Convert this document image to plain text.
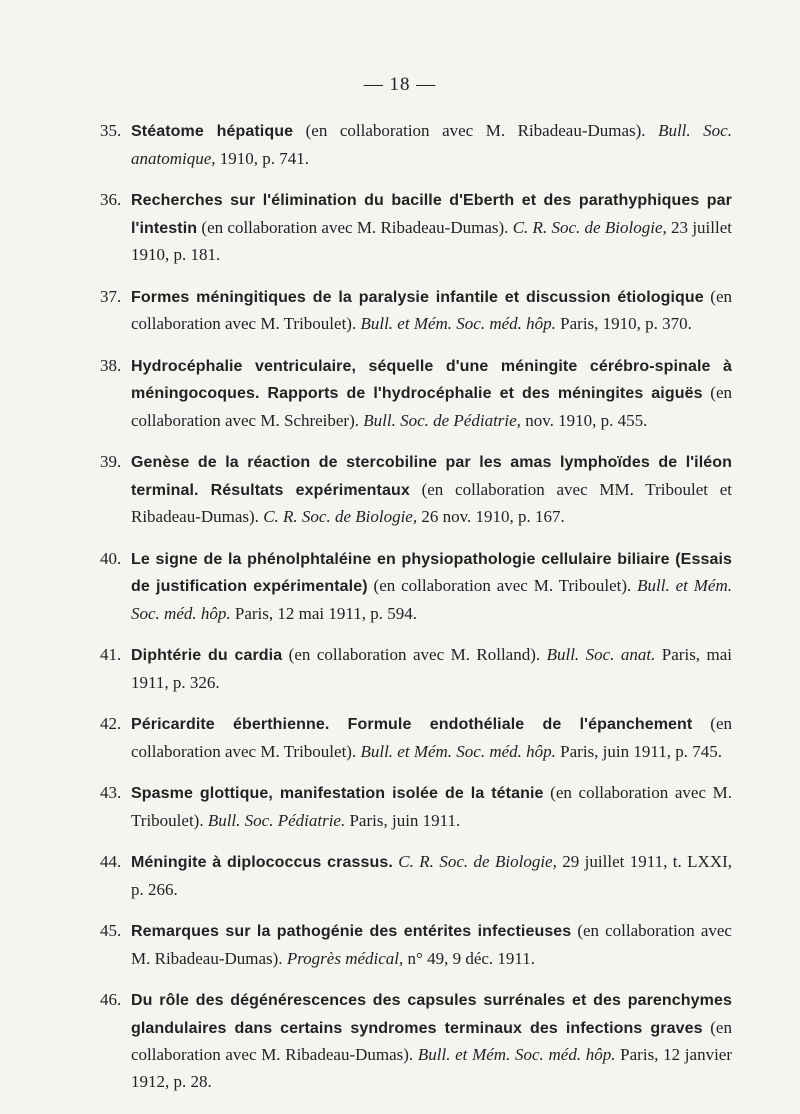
— 18 —
35. Stéatome hépatique (en collaboration avec M. Ribadeau-Dumas). Bull. Soc. anatomique, 1910, p. 741.
36. Recherches sur l'élimination du bacille d'Eberth et des parathyphiques par l'intestin (en collaboration avec M. Ribadeau-Dumas). C. R. Soc. de Biologie, 23 juillet 1910, p. 181.
37. Formes méningitiques de la paralysie infantile et discussion étiologique (en collaboration avec M. Triboulet). Bull. et Mém. Soc. méd. hôp. Paris, 1910, p. 370.
38. Hydrocéphalie ventriculaire, séquelle d'une méningite cérébro-spinale à méningocoques. Rapports de l'hydrocéphalie et des méningites aiguës (en collaboration avec M. Schreiber). Bull. Soc. de Pédiatrie, nov. 1910, p. 455.
39. Genèse de la réaction de stercobiline par les amas lymphoïdes de l'iléon terminal. Résultats expérimentaux (en collaboration avec MM. Triboulet et Ribadeau-Dumas). C. R. Soc. de Biologie, 26 nov. 1910, p. 167.
40. Le signe de la phénolphtaléine en physiopathologie cellulaire biliaire (Essais de justification expérimentale) (en collaboration avec M. Triboulet). Bull. et Mém. Soc. méd. hôp. Paris, 12 mai 1911, p. 594.
41. Diphtérie du cardia (en collaboration avec M. Rolland). Bull. Soc. anat. Paris, mai 1911, p. 326.
42. Péricardite éberthienne. Formule endothéliale de l'épanchement (en collaboration avec M. Triboulet). Bull. et Mém. Soc. méd. hôp. Paris, juin 1911, p. 745.
43. Spasme glottique, manifestation isolée de la tétanie (en collaboration avec M. Triboulet). Bull. Soc. Pédiatrie. Paris, juin 1911.
44. Méningite à diplococcus crassus. C. R. Soc. de Biologie, 29 juillet 1911, t. LXXI, p. 266.
45. Remarques sur la pathogénie des entérites infectieuses (en collaboration avec M. Ribadeau-Dumas). Progrès médical, n° 49, 9 déc. 1911.
46. Du rôle des dégénérescences des capsules surrénales et des parenchymes glandulaires dans certains syndromes terminaux des infections graves (en collaboration avec M. Ribadeau-Dumas). Bull. et Mém. Soc. méd. hôp. Paris, 12 janvier 1912, p. 28.
